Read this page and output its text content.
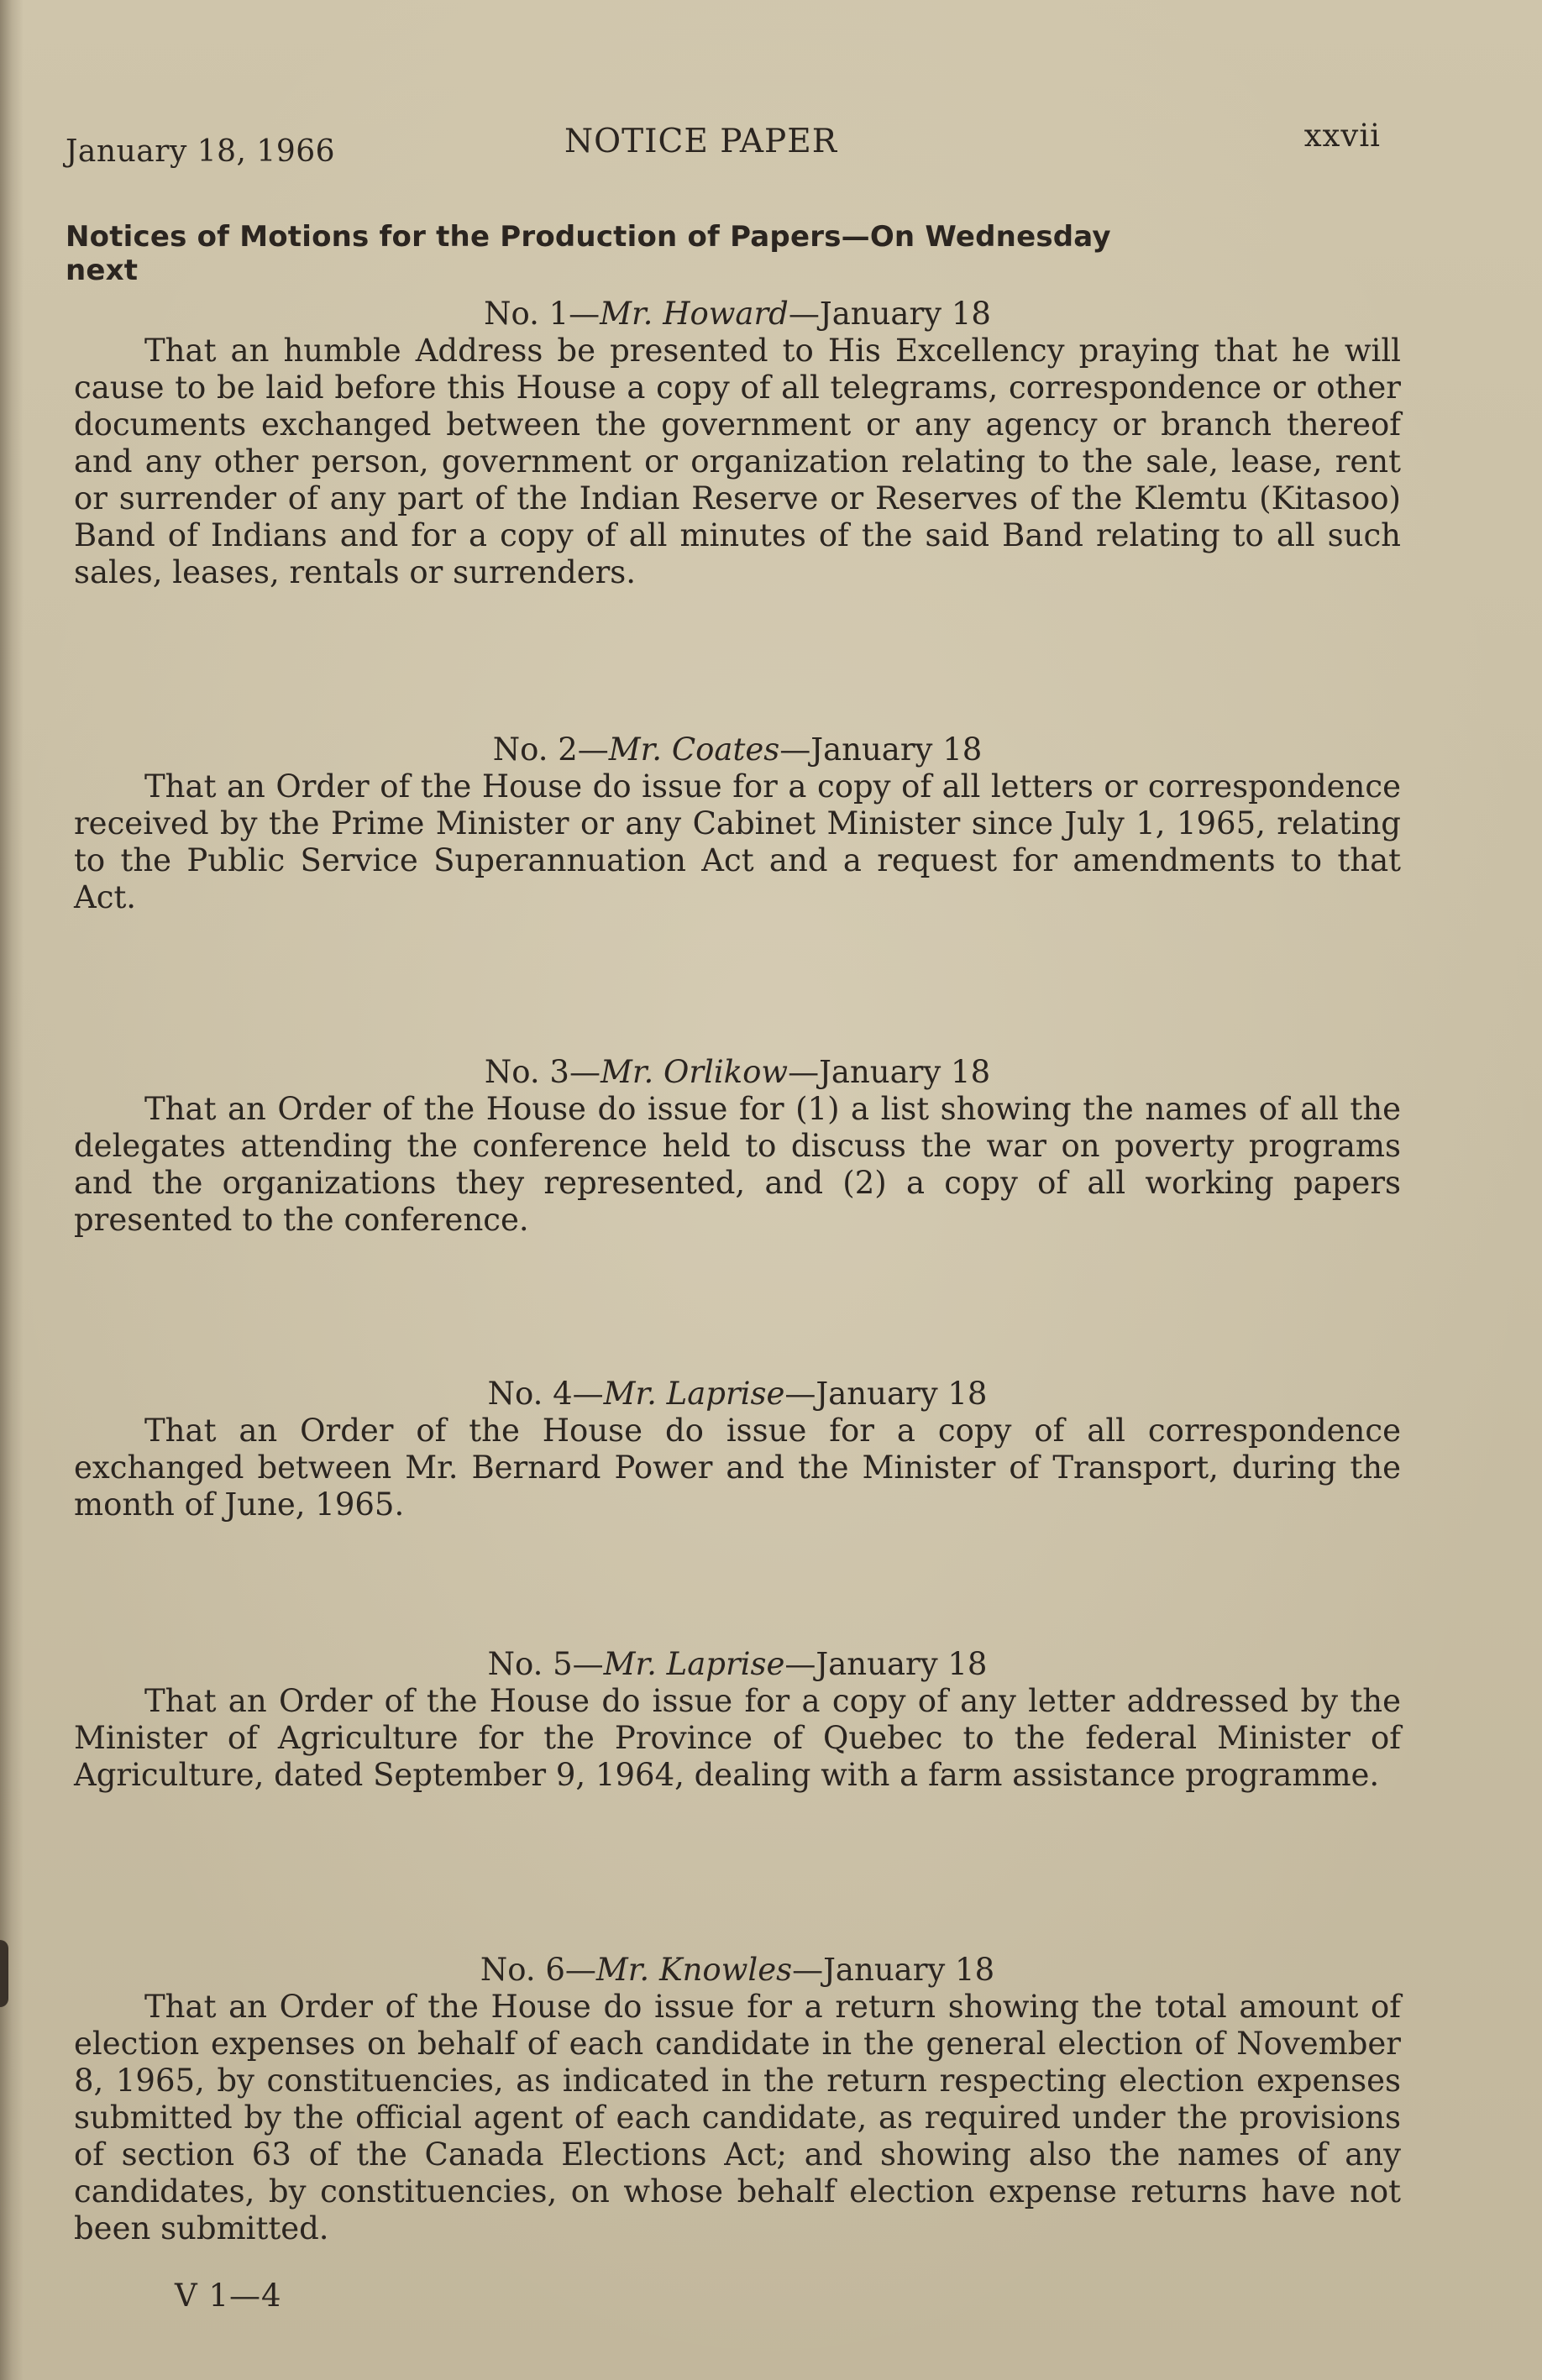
January 18, 1966	NOTICE PAPER	xxvii
Notices of Motions for the Production of Papers—On Wednesday next

No. 1—Mr. Howard—January 18

That an humble Address be presented to His Excellency praying that he will cause to be laid before this House a copy of all telegrams, correspondence or other documents exchanged between the government or any agency or branch thereof and any other person, government or organization relating to the sale, lease, rent or surrender of any part of the Indian Reserve or Reserves of the Klemtu (Kitasoo) Band of Indians and for a copy of all minutes of the said Band relating to all such sales, leases, rentals or surrenders.

No. 2—Mr. Coates—January 18

That an Order of the House do issue for a copy of all letters or correspondence received by the Prime Minister or any Cabinet Minister since July 1, 1965, relating to the Public Service Superannuation Act and a request for amendments to that Act.

No. 3—Mr. Orlikow—January 18

That an Order of the House do issue for (1) a list showing the names of all the delegates attending the conference held to discuss the war on poverty programs and the organizations they represented, and (2) a copy of all working papers presented to the conference.

No. 4—Mr. Laprise—January 18

That an Order of the House do issue for a copy of all correspondence exchanged between Mr. Bernard Power and the Minister of Transport, during the month of June, 1965.

No. 5—Mr. Laprise—January 18

That an Order of the House do issue for a copy of any letter addressed by the Minister of Agriculture for the Province of Quebec to the federal Minister of Agriculture, dated September 9, 1964, dealing with a farm assistance programme.

No. 6—Mr. Knowles—January 18

That an Order of the House do issue for a return showing the total amount of election expenses on behalf of each candidate in the general election of November 8, 1965, by constituencies, as indicated in the return respecting election expenses submitted by the official agent of each candidate, as required under the provisions of section 63 of the Canada Elections Act; and showing also the names of any candidates, by constituencies, on whose behalf election expense returns have not been submitted.

V 1—4
